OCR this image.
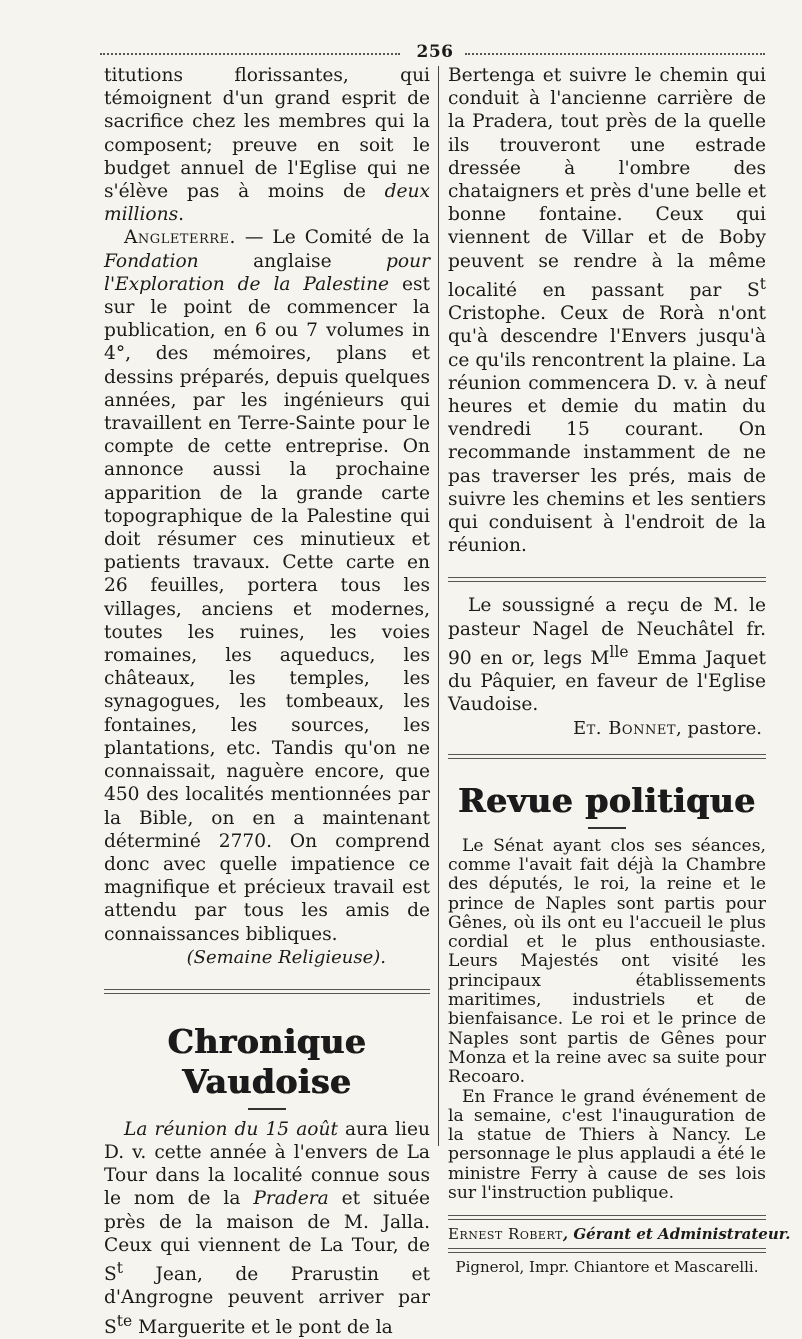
256

titutions florissantes, qui témoignent d'un grand esprit de sacrifice chez les membres qui la composent; preuve en soit le budget annuel de l'Eglise qui ne s'élève pas à moins de deux millions.

Angleterre. — Le Comité de la Fondation anglaise pour l'Exploration de la Palestine est sur le point de commencer la publication, en 6 ou 7 volumes in 4°, des mémoires, plans et dessins préparés, depuis quelques années, par les ingénieurs qui travaillent en Terre-Sainte pour le compte de cette entreprise. On annonce aussi la prochaine apparition de la grande carte topographique de la Palestine qui doit résumer ces minutieux et patients travaux. Cette carte en 26 feuilles, portera tous les villages, anciens et modernes, toutes les ruines, les voies romaines, les aqueducs, les châteaux, les temples, les synagogues, les tombeaux, les fontaines, les sources, les plantations, etc. Tandis qu'on ne connaissait, naguère encore, que 450 des localités mentionnées par la Bible, on en a maintenant déterminé 2770. On comprend donc avec quelle impatience ce magnifique et précieux travail est attendu par tous les amis de connaissances bibliques.

(Semaine Religieuse).

Chronique Vaudoise

La réunion du 15 août aura lieu D. v. cette année à l'envers de La Tour dans la localité connue sous le nom de la Pradera et située près de la maison de M. Jalla. Ceux qui viennent de La Tour, de $S^t$ Jean, de Prarustin et d'Angrogne peuvent arriver par $S^{te}$ Marguerite et le pont de la

Bertenga et suivre le chemin qui conduit à l'ancienne carrière de la Pradera, tout près de la quelle ils trouveront une estrade dressée à l'ombre des chataigners et près d'une belle et bonne fontaine. Ceux qui viennent de Villar et de Boby peuvent se rendre à la même localité en passant par $S^t$ Cristophe. Ceux de Rorà n'ont qu'à descendre l'Envers jusqu'à ce qu'ils rencontrent la plaine. La réunion commencera D. v. à neuf heures et demie du matin du vendredi 15 courant. On recommande instamment de ne pas traverser les prés, mais de suivre les chemins et les sentiers qui conduisent à l'endroit de la réunion.

Le soussigné a reçu de M. le pasteur Nagel de Neuchâtel fr. 90 en or, legs $M^{lle}$ Emma Jaquet du Pâquier, en faveur de l'Eglise Vaudoise.

Et. Bonnet, pastore.

Revue politique

Le Sénat ayant clos ses séances, comme l'avait fait déjà la Chambre des députés, le roi, la reine et le prince de Naples sont partis pour Gênes, où ils ont eu l'accueil le plus cordial et le plus enthousiaste. Leurs Majestés ont visité les principaux établissements maritimes, industriels et de bienfaisance. Le roi et le prince de Naples sont partis de Gênes pour Monza et la reine avec sa suite pour Recoaro.

En France le grand événement de la semaine, c'est l'inauguration de la statue de Thiers à Nancy. Le personnage le plus applaudi a été le ministre Ferry à cause de ses lois sur l'instruction publique.

Ernest Robert, Gérant et Administrateur.

Pignerol, Impr. Chiantore et Mascarelli.
